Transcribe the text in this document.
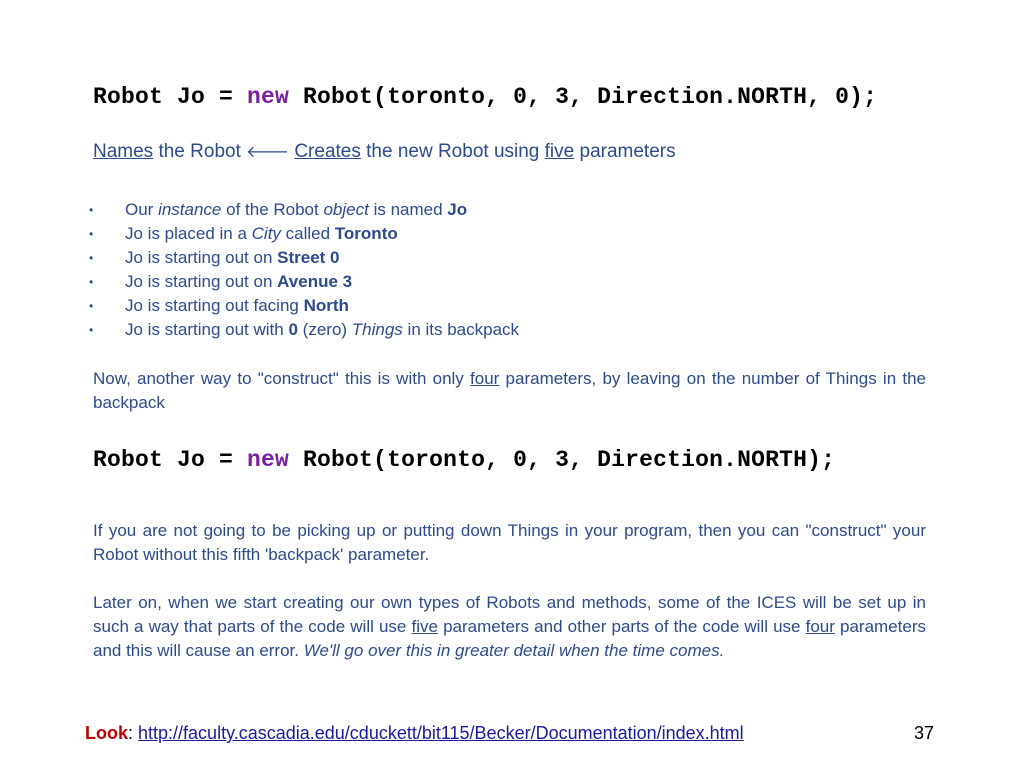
Robot Jo = new Robot(toronto, 0, 3, Direction.NORTH, 0);
Names the Robot 🡐 Creates the new Robot using five parameters
• Our instance of the Robot object is named Jo
• Jo is placed in a City called Toronto
• Jo is starting out on Street 0
• Jo is starting out on Avenue 3
• Jo is starting out facing North
• Jo is starting out with 0 (zero) Things in its backpack

Now, another way to "construct" this is with only four parameters, by leaving on the number of Things in the backpack

Robot Jo = new Robot(toronto, 0, 3, Direction.NORTH);

If you are not going to be picking up or putting down Things in your program, then you can "construct" your Robot without this fifth 'backpack' parameter.

Later on, when we start creating our own types of Robots and methods, some of the ICES will be set up in such a way that parts of the code will use five parameters and other parts of the code will use four parameters and this will cause an error. We'll go over this in greater detail when the time comes.

Look: http://faculty.cascadia.edu/cduckett/bit115/Becker/Documentation/index.html	37
